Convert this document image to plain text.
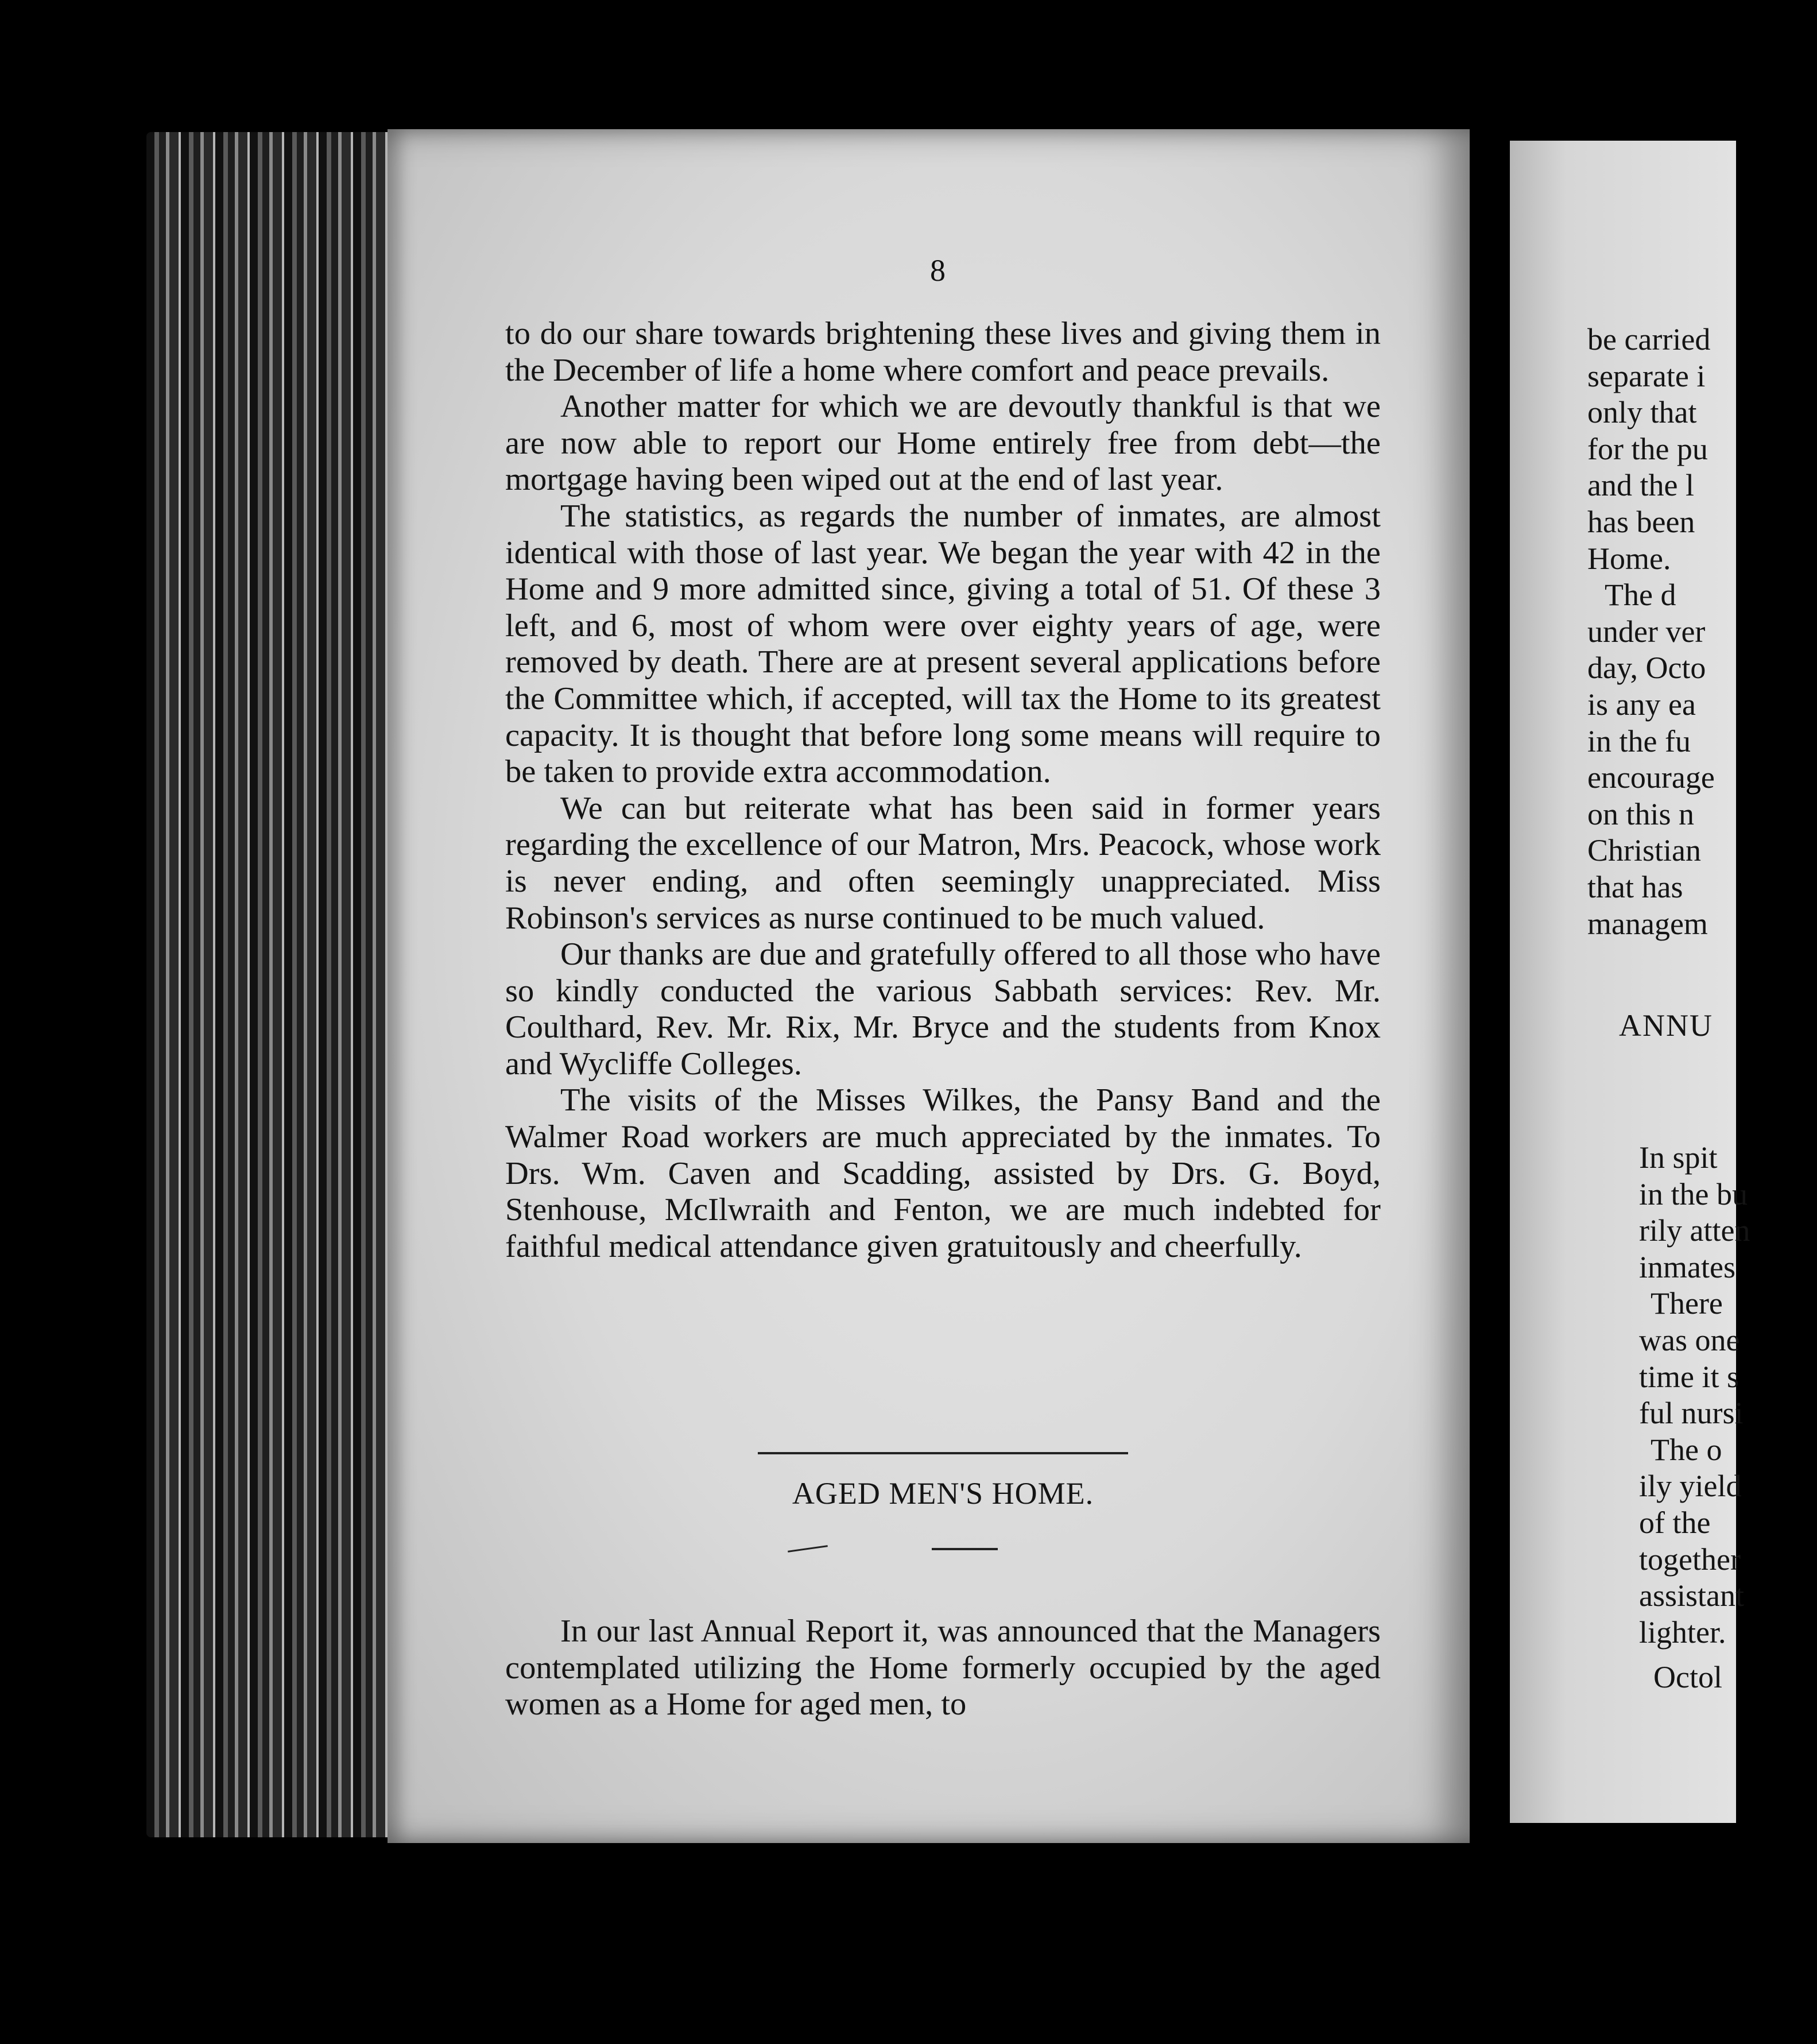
8

to do our share towards brightening these lives and giving them in the December of life a home where comfort and peace prevails.

Another matter for which we are devoutly thankful is that we are now able to report our Home entirely free from debt—the mortgage having been wiped out at the end of last year.

The statistics, as regards the number of inmates, are almost identical with those of last year. We began the year with 42 in the Home and 9 more admitted since, giving a total of 51. Of these 3 left, and 6, most of whom were over eighty years of age, were removed by death. There are at present several applications before the Committee which, if accepted, will tax the Home to its greatest capacity. It is thought that before long some means will require to be taken to provide extra accommodation.

We can but reiterate what has been said in former years regarding the excellence of our Matron, Mrs. Peacock, whose work is never ending, and often seemingly unappreciated. Miss Robinson's services as nurse continued to be much valued.

Our thanks are due and gratefully offered to all those who have so kindly conducted the various Sabbath services: Rev. Mr. Coulthard, Rev. Mr. Rix, Mr. Bryce and the students from Knox and Wycliffe Colleges.

The visits of the Misses Wilkes, the Pansy Band and the Walmer Road workers are much appreciated by the inmates. To Drs. Wm. Caven and Scadding, assisted by Drs. G. Boyd, Stenhouse, McIlwraith and Fenton, we are much indebted for faithful medical attendance given gratuitously and cheerfully.

AGED MEN'S HOME.

In our last Annual Report it, was announced that the Managers contemplated utilizing the Home formerly occupied by the aged women as a Home for aged men, to

be carried
separate i
only that
for the pu
and the l
has been
Home.
The d
under ver
day, Octo
is any ea
in the fu
encourage
on this n
Christian
that has
managem
ANNU
In spit
in the bu
rily atten
inmates
There
was one
time it s
ful nursi
The o
ily yield
of the
together
assistant
lighter.
Octol
